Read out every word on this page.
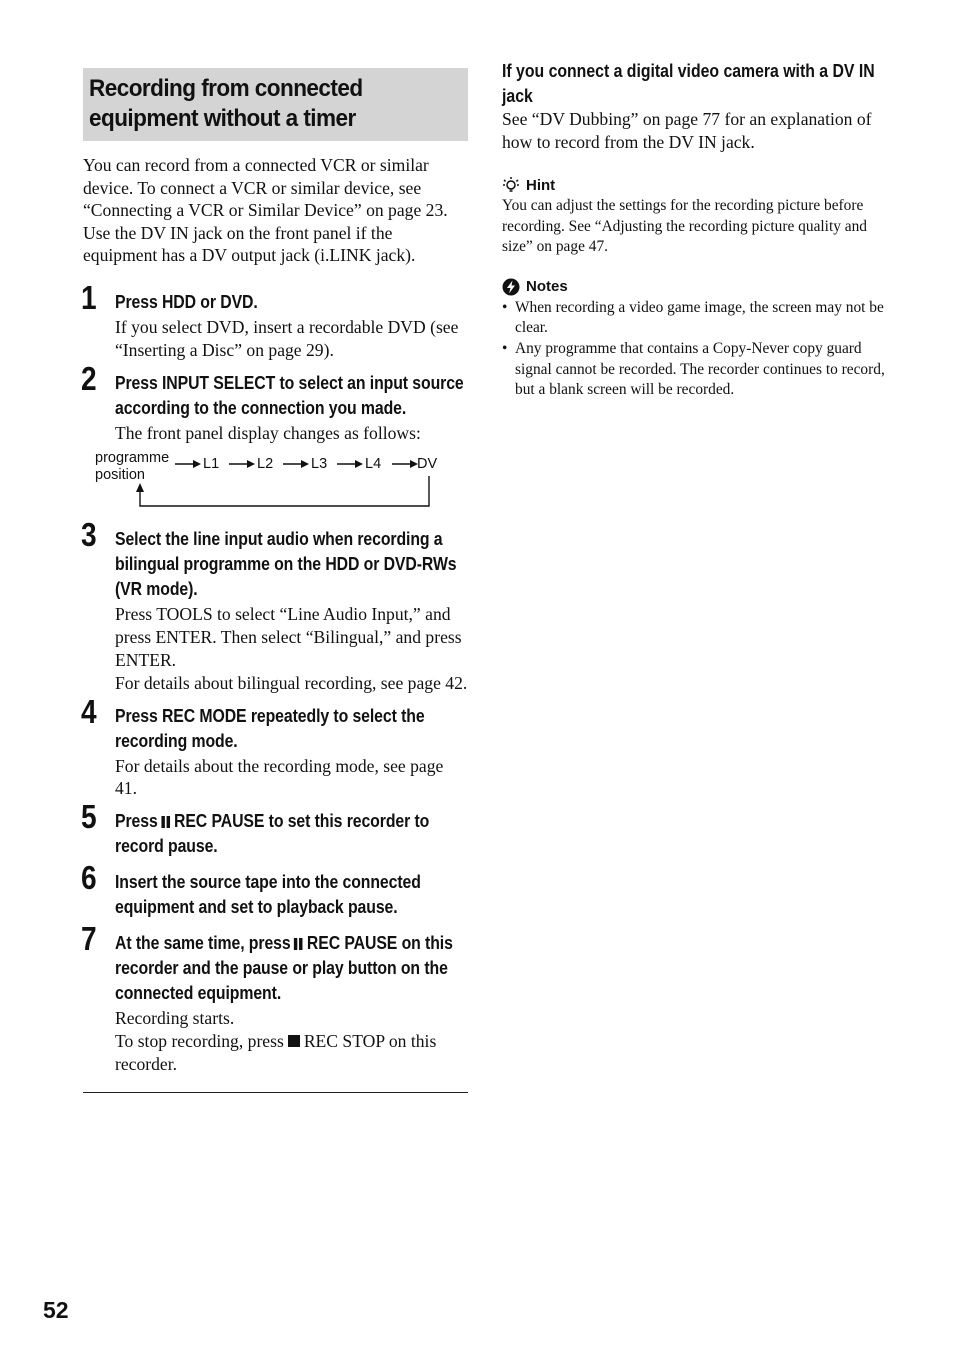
Recording from connected equipment without a timer

You can record from a connected VCR or similar device. To connect a VCR or similar device, see “Connecting a VCR or Similar Device” on page 23. Use the DV IN jack on the front panel if the equipment has a DV output jack (i.LINK jack).

1 Press HDD or DVD.
If you select DVD, insert a recordable DVD (see “Inserting a Disc” on page 29).
2 Press INPUT SELECT to select an input source according to the connection you made.
The front panel display changes as follows:
programme position
L1	L2	L3	L4 DV
3 Select the line input audio when recording a bilingual programme on the HDD or DVD-RWs (VR mode).
Press TOOLS to select “Line Audio Input,” and press ENTER. Then select “Bilingual,” and press ENTER.
For details about bilingual recording, see page 42.
4 Press REC MODE repeatedly to select the recording mode.
For details about the recording mode, see page 41.
5 Press REC PAUSE to set this recorder to record pause.
6 Insert the source tape into the connected equipment and set to playback pause.
7 At the same time, press REC PAUSE on this recorder and the pause or play button on the connected equipment.
Recording starts.
To stop recording, press REC STOP on this recorder.
If you connect a digital video camera with a DV IN jack
See “DV Dubbing” on page 77 for an explanation of how to record from the DV IN jack.
Hint
You can adjust the settings for the recording picture before recording. See “Adjusting the recording picture quality and size” on page 47.
Notes
• When recording a video game image, the screen may not be clear.
• Any programme that contains a Copy-Never copy guard signal cannot be recorded. The recorder continues to record, but a blank screen will be recorded.
52
